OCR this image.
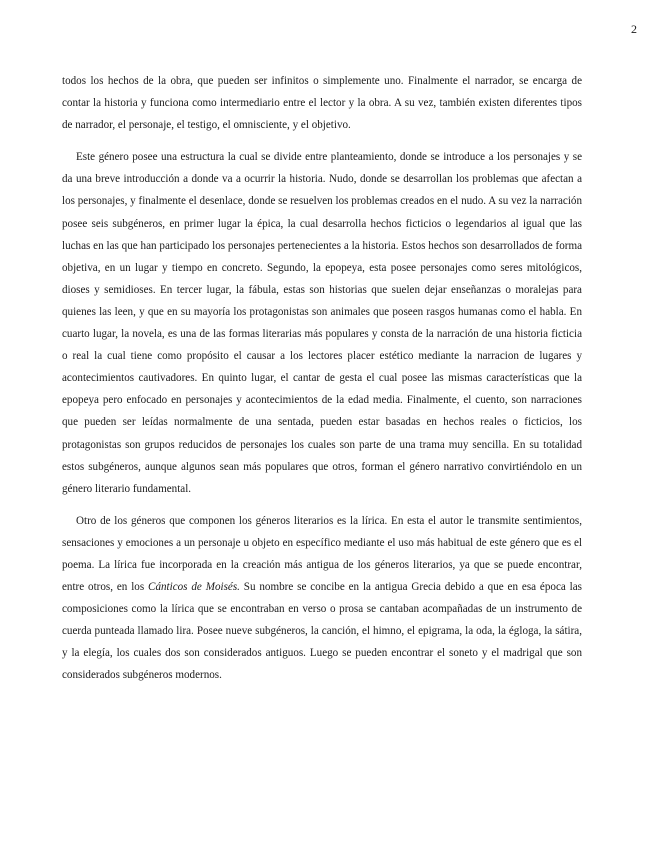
2

todos los hechos de la obra, que pueden ser infinitos o simplemente uno. Finalmente el narrador, se encarga de contar la historia y funciona como intermediario entre el lector y la obra. A su vez, también existen diferentes tipos de narrador, el personaje, el testigo, el omnisciente, y el objetivo.

Este género posee una estructura la cual se divide entre planteamiento, donde se introduce a los personajes y se da una breve introducción a donde va a ocurrir la historia. Nudo, donde se desarrollan los problemas que afectan a los personajes, y finalmente el desenlace, donde se resuelven los problemas creados en el nudo. A su vez la narración posee seis subgéneros, en primer lugar la épica, la cual desarrolla hechos ficticios o legendarios al igual que las luchas en las que han participado los personajes pertenecientes a la historia. Estos hechos son desarrollados de forma objetiva, en un lugar y tiempo en concreto. Segundo, la epopeya, esta posee personajes como seres mitológicos, dioses y semidioses. En tercer lugar, la fábula, estas son historias que suelen dejar enseñanzas o moralejas para quienes las leen, y que en su mayoría los protagonistas son animales que poseen rasgos humanas como el habla. En cuarto lugar, la novela, es una de las formas literarias más populares y consta de la narración de una historia ficticia o real la cual tiene como propósito el causar a los lectores placer estético mediante la narracion de lugares y acontecimientos cautivadores. En quinto lugar, el cantar de gesta el cual posee las mismas características que la epopeya pero enfocado en personajes y acontecimientos de la edad media. Finalmente, el cuento, son narraciones que pueden ser leídas normalmente de una sentada, pueden estar basadas en hechos reales o ficticios, los protagonistas son grupos reducidos de personajes los cuales son parte de una trama muy sencilla. En su totalidad estos subgéneros, aunque algunos sean más populares que otros, forman el género narrativo convirtiéndolo en un género literario fundamental.

Otro de los géneros que componen los géneros literarios es la lírica. En esta el autor le transmite sentimientos, sensaciones y emociones a un personaje u objeto en específico mediante el uso más habitual de este género que es el poema. La lírica fue incorporada en la creación más antigua de los géneros literarios, ya que se puede encontrar, entre otros, en los Cánticos de Moisés. Su nombre se concibe en la antigua Grecia debido a que en esa época las composiciones como la lírica que se encontraban en verso o prosa se cantaban acompañadas de un instrumento de cuerda punteada llamado lira. Posee nueve subgéneros, la canción, el himno, el epigrama, la oda, la égloga, la sátira, y la elegía, los cuales dos son considerados antiguos. Luego se pueden encontrar el soneto y el madrigal que son considerados subgéneros modernos.
